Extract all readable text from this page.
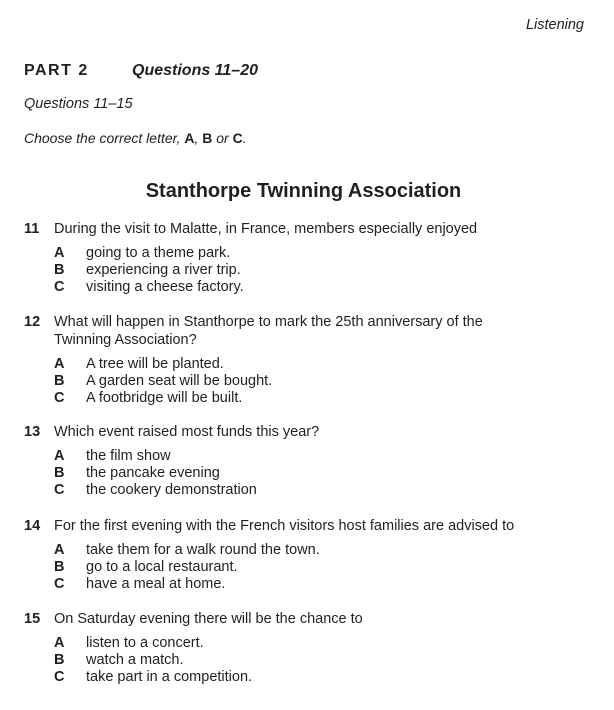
Listening
PART 2	Questions 11–20
Questions 11–15
Choose the correct letter, A, B or C.
Stanthorpe Twinning Association
11	During the visit to Malatte, in France, members especially enjoyed
A	going to a theme park.
B	experiencing a river trip.
C	visiting a cheese factory.
12 What will happen in Stanthorpe to mark the 25th anniversary of the Twinning Association?
A	A tree will be planted.
B	A garden seat will be bought.
C	A footbridge will be built.
13 Which event raised most funds this year?
A	the film show
B	the pancake evening
C	the cookery demonstration
14 For the first evening with the French visitors host families are advised to
A	take them for a walk round the town.
B	go to a local restaurant.
C	have a meal at home.
15 On Saturday evening there will be the chance to
A	listen to a concert.
B	watch a match.
C	take part in a competition.
